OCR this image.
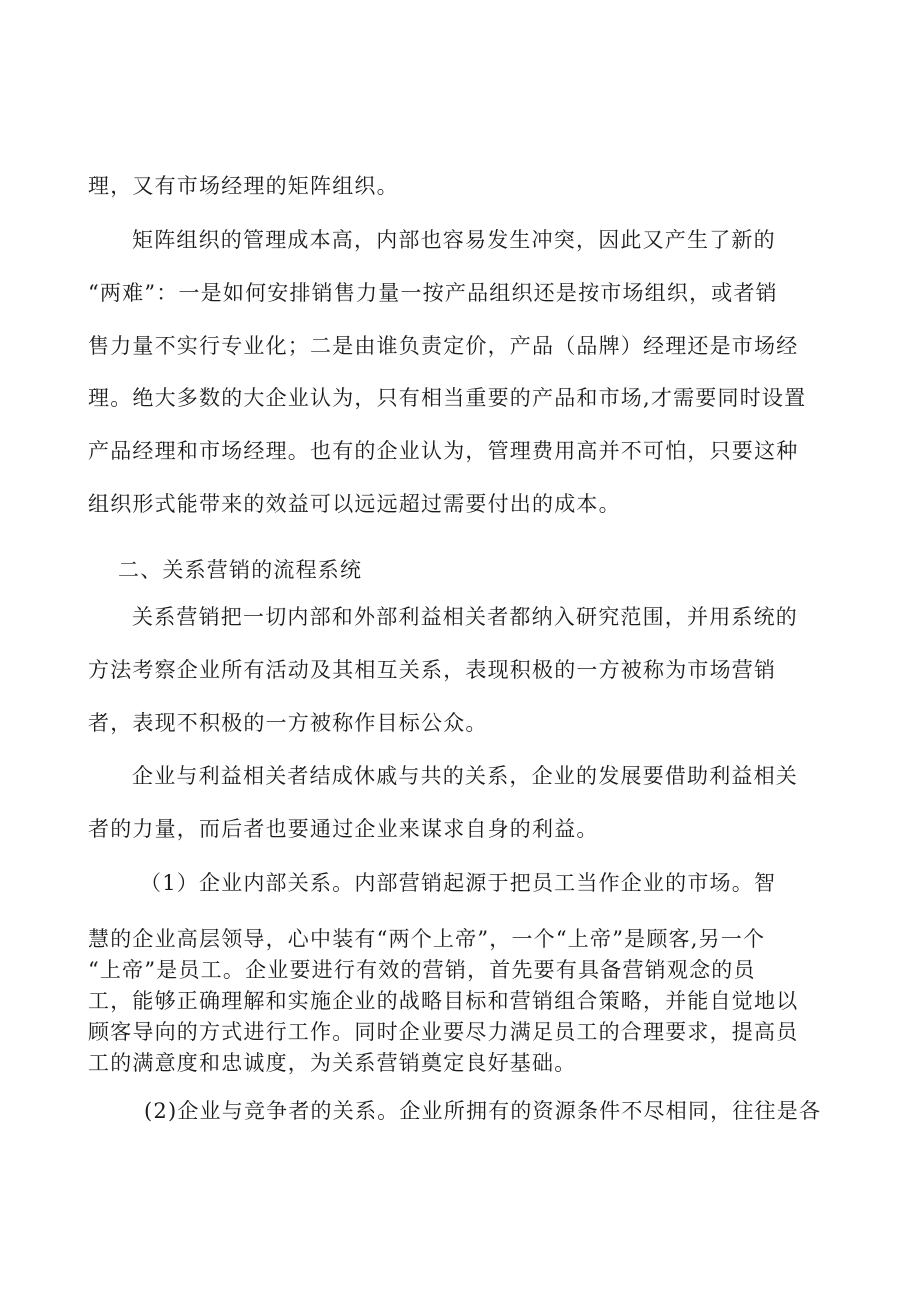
理，又有市场经理的矩阵组织。
矩阵组织的管理成本高，内部也容易发生冲突，因此又产生了新的
“两难”：一是如何安排销售力量一按产品组织还是按市场组织，或者销
售力量不实行专业化；二是由谁负责定价，产品（品牌）经理还是市场经
理。绝大多数的大企业认为，只有相当重要的产品和市场,才需要同时设置
产品经理和市场经理。也有的企业认为，管理费用高并不可怕，只要这种
组织形式能带来的效益可以远远超过需要付出的成本。
二、关系营销的流程系统
关系营销把一切内部和外部利益相关者都纳入研究范围，并用系统的
方法考察企业所有活动及其相互关系，表现积极的一方被称为市场营销
者，表现不积极的一方被称作目标公众。
企业与利益相关者结成休戚与共的关系，企业的发展要借助利益相关
者的力量，而后者也要通过企业来谋求自身的利益。
（1）企业内部关系。内部营销起源于把员工当作企业的市场。智
慧的企业高层领导，心中装有“两个上帝”，一个“上帝”是顾客,另一个
“上帝”是员工。企业要进行有效的营销，首先要有具备营销观念的员
工，能够正确理解和实施企业的战略目标和营销组合策略，并能自觉地以
顾客导向的方式进行工作。同时企业要尽力满足员工的合理要求，提高员
工的满意度和忠诚度，为关系营销奠定良好基础。
(2)企业与竞争者的关系。企业所拥有的资源条件不尽相同，往往是各
